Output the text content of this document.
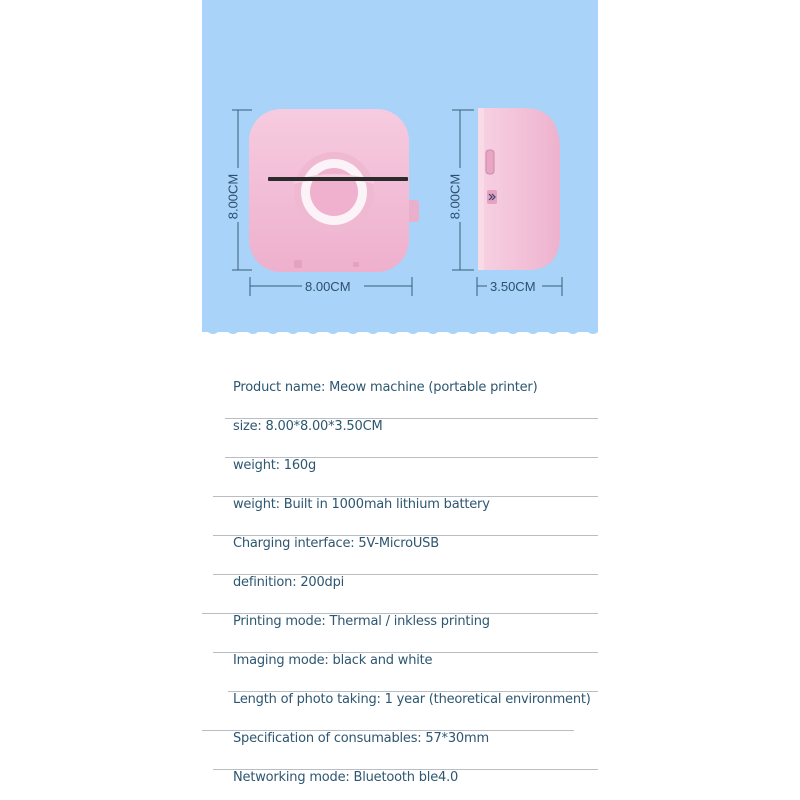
8.00CM
8.00CM	8.00CM
3.50CM
Product name: Meow machine (portable printer)
size: 8.00*8.00*3.50CM
weight: 160g
weight: Built in 1000mah lithium battery
Charging interface: 5V-MicroUSB
definition: 200dpi
Printing mode: Thermal / inkless printing
Imaging mode: black and white
Length of photo taking: 1 year (theoretical environment)
Specification of consumables: 57*30mm
Networking mode: Bluetooth ble4.0
